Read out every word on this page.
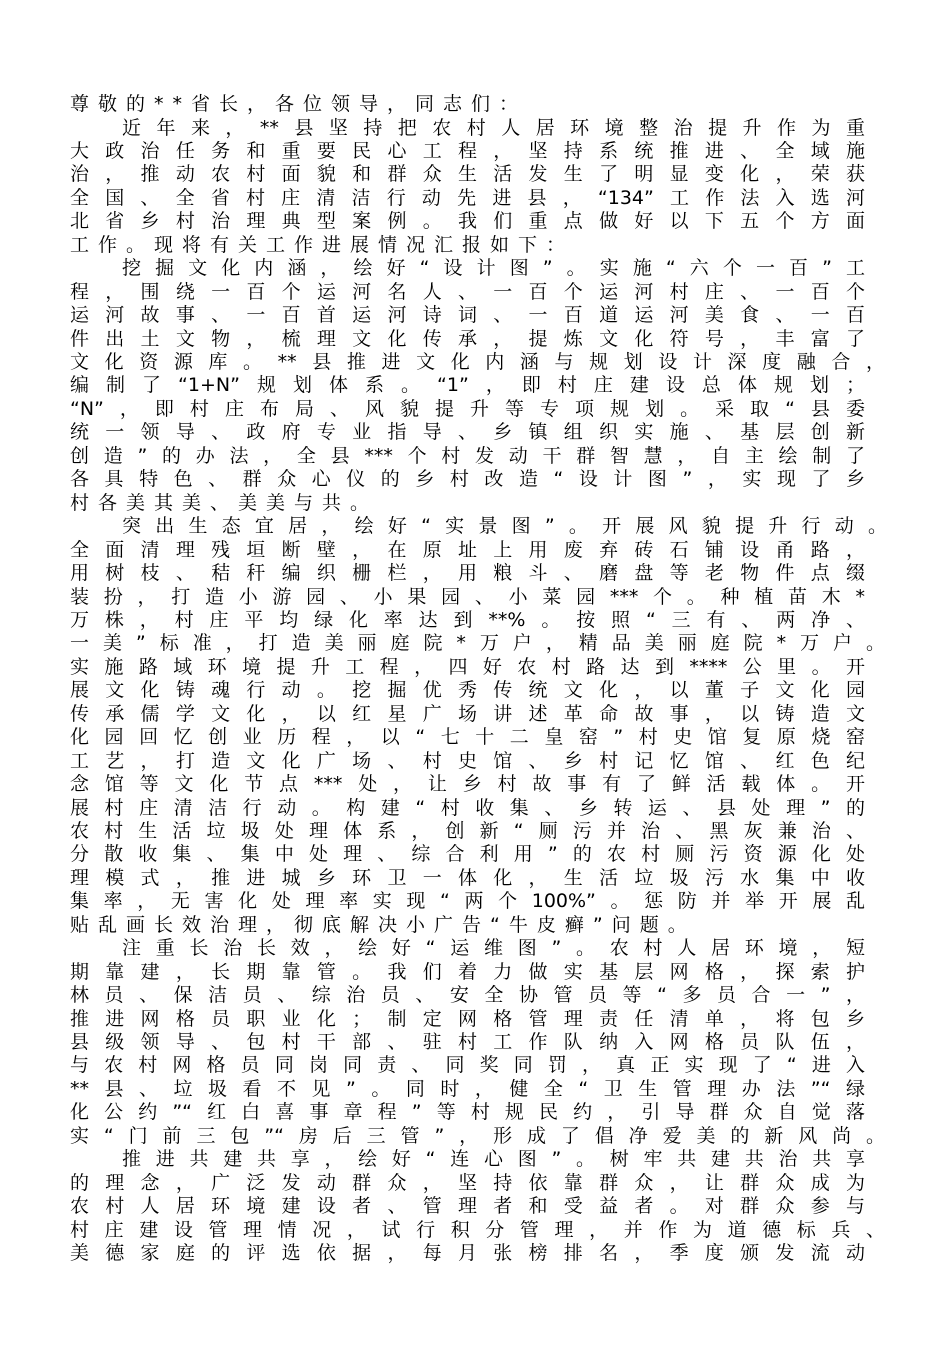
尊敬的**省长，各位领导，同志们：
近年来，**县坚持把农村人居环境整治提升作为重
大政治任务和重要民心工程，坚持系统推进、全域施
治，推动农村面貌和群众生活发生了明显变化，荣获
全国、全省村庄清洁行动先进县，“134”工作法入选河
北省乡村治理典型案例。我们重点做好以下五个方面
工作。现将有关工作进展情况汇报如下：
挖掘文化内涵，绘好“设计图”。实施“六个一百”工
程，围绕一百个运河名人、一百个运河村庄、一百个
运河故事、一百首运河诗词、一百道运河美食、一百
件出土文物，梳理文化传承，提炼文化符号，丰富了
文化资源库。**县推进文化内涵与规划设计深度融合，
编制了“1+N”规划体系。“1”，即村庄建设总体规划；
“N”，即村庄布局、风貌提升等专项规划。采取“县委
统一领导、政府专业指导、乡镇组织实施、基层创新
创造”的办法，全县***个村发动干群智慧，自主绘制了
各具特色、群众心仪的乡村改造“设计图”，实现了乡
村各美其美、美美与共。
突出生态宜居，绘好“实景图”。开展风貌提升行动。
全面清理残垣断壁，在原址上用废弃砖石铺设甬路，
用树枝、秸秆编织栅栏，用粮斗、磨盘等老物件点缀
装扮，打造小游园、小果园、小菜园***个。种植苗木*
万株，村庄平均绿化率达到**%。按照“三有、两净、
一美”标准，打造美丽庭院*万户，精品美丽庭院*万户。
实施路域环境提升工程，四好农村路达到****公里。开
展文化铸魂行动。挖掘优秀传统文化，以董子文化园
传承儒学文化，以红星广场讲述革命故事，以铸造文
化园回忆创业历程，以“七十二皇窑”村史馆复原烧窑
工艺，打造文化广场、村史馆、乡村记忆馆、红色纪
念馆等文化节点***处，让乡村故事有了鲜活载体。开
展村庄清洁行动。构建“村收集、乡转运、县处理”的
农村生活垃圾处理体系，创新“厕污并治、黑灰兼治、
分散收集、集中处理、综合利用”的农村厕污资源化处
理模式，推进城乡环卫一体化，生活垃圾污水集中收
集率，无害化处理率实现“两个100%”。惩防并举开展乱
贴乱画长效治理，彻底解决小广告“牛皮癣”问题。
注重长治长效，绘好“运维图”。农村人居环境，短
期靠建，长期靠管。我们着力做实基层网格，探索护
林员、保洁员、综治员、安全协管员等“多员合一”，
推进网格员职业化；制定网格管理责任清单，将包乡
县级领导、包村干部、驻村工作队纳入网格员队伍，
与农村网格员同岗同责、同奖同罚，真正实现了“进入
**县、垃圾看不见”。同时，健全“卫生管理办法”“绿
化公约”“红白喜事章程”等村规民约，引导群众自觉落
实“门前三包”“房后三管”，形成了倡净爱美的新风尚。
推进共建共享，绘好“连心图”。树牢共建共治共享
的理念，广泛发动群众，坚持依靠群众，让群众成为
农村人居环境建设者、管理者和受益者。对群众参与
村庄建设管理情况，试行积分管理，并作为道德标兵、
美德家庭的评选依据，每月张榜排名，季度颁发流动
